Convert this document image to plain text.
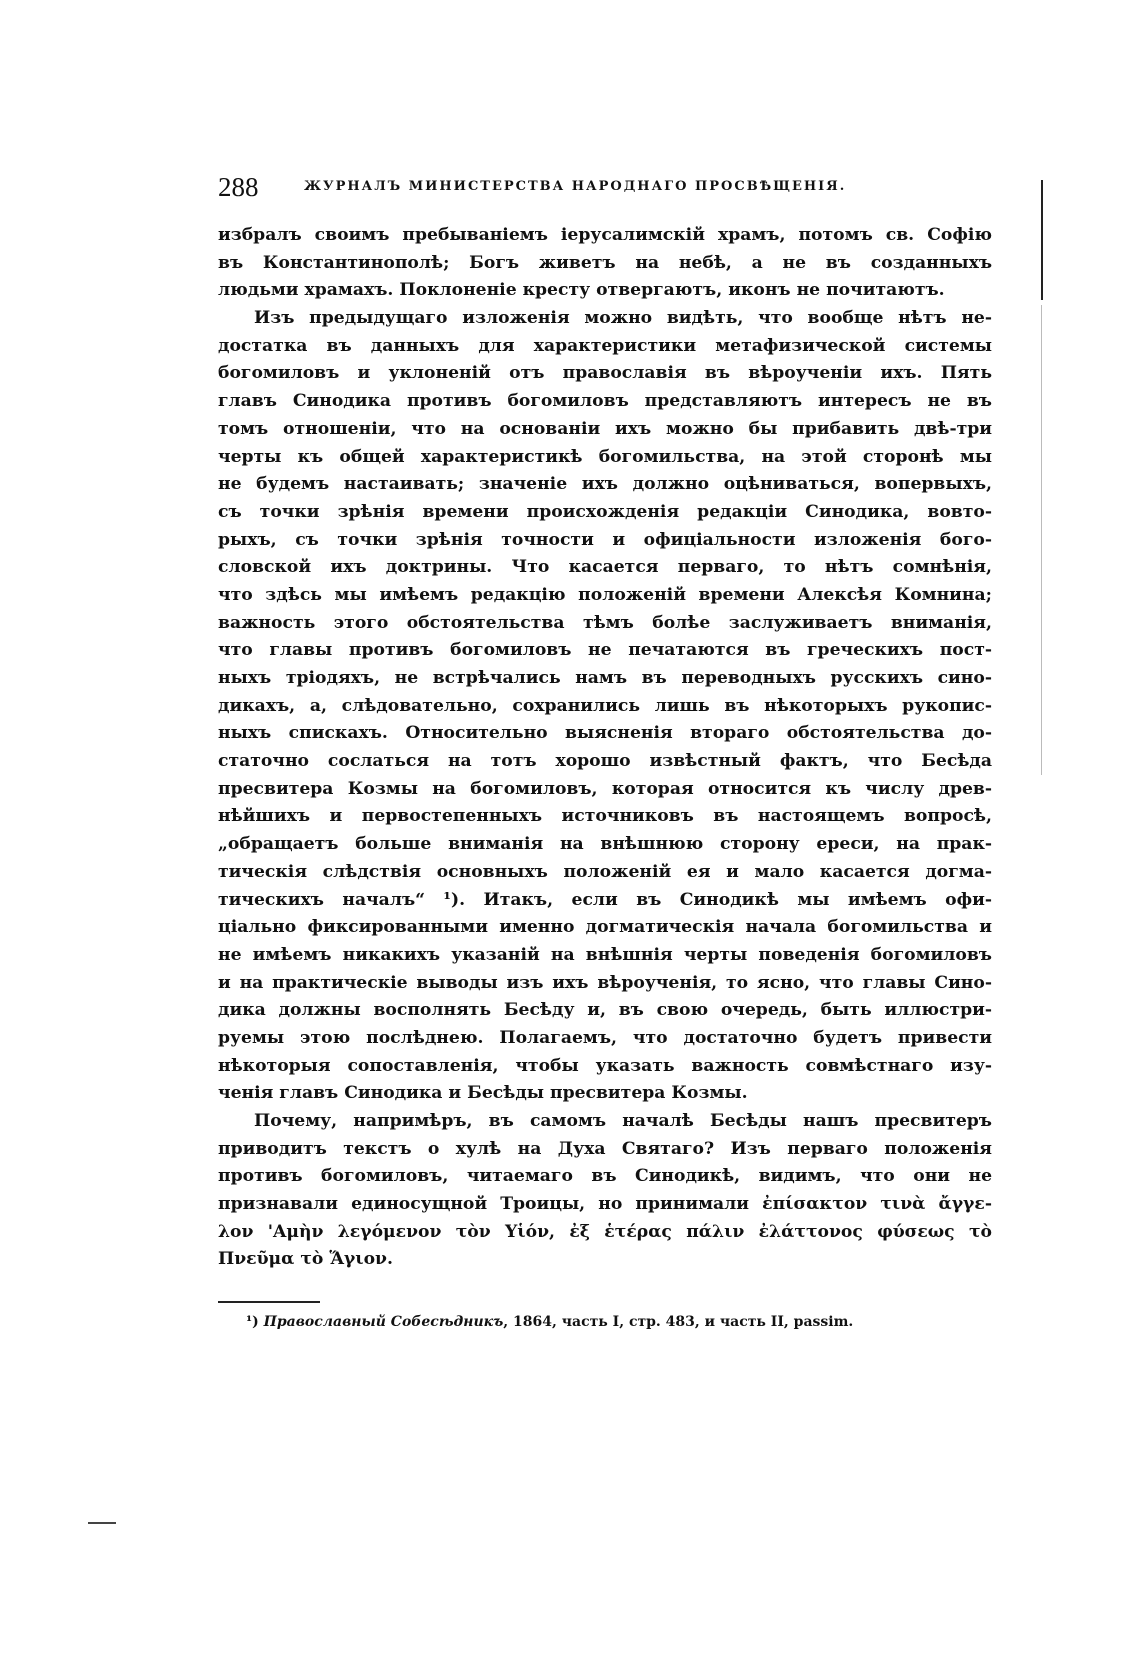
288	ЖУРНАЛЪ МИНИСТЕРСТВА НАРОДНАГО ПРОСВѢЩЕНІЯ.
избралъ своимъ пребываніемъ іерусалимскій храмъ, потомъ св. Софію
въ Константинополѣ; Богъ живетъ на небѣ, а не въ созданныхъ
людьми храмахъ. Поклоненіе кресту отвергаютъ, иконъ не почитаютъ.
Изъ предыдущаго изложенія можно видѣть, что вообще нѣтъ не-
достатка въ данныхъ для характеристики метафизической системы
богомиловъ и уклоненій отъ православія въ вѣроученіи ихъ. Пять
главъ Синодика противъ богомиловъ представляютъ интересъ не въ
томъ отношеніи, что на основаніи ихъ можно бы прибавить двѣ-три
черты къ общей характеристикѣ богомильства, на этой сторонѣ мы
не будемъ настаивать; значеніе ихъ должно оцѣниваться, вопервыхъ,
съ точки зрѣнія времени происхожденія редакціи Синодика, вовто-
рыхъ, съ точки зрѣнія точности и офиціальности изложенія бого-
словской ихъ доктрины. Что касается перваго, то нѣтъ сомнѣнія,
что здѣсь мы имѣемъ редакцію положеній времени Алексѣя Комнина;
важность этого обстоятельства тѣмъ болѣе заслуживаетъ вниманія,
что главы противъ богомиловъ не печатаются въ греческихъ пост-
ныхъ тріодяхъ, не встрѣчались намъ въ переводныхъ русскихъ сино-
дикахъ, а, слѣдовательно, сохранились лишь въ нѣкоторыхъ рукопис-
ныхъ спискахъ. Относительно выясненія втораго обстоятельства до-
статочно сослаться на тотъ хорошо извѣстный фактъ, что Бесѣда
пресвитера Козмы на богомиловъ, которая относится къ числу древ-
нѣйшихъ и первостепенныхъ источниковъ въ настоящемъ вопросѣ,
„обращаетъ больше вниманія на внѣшнюю сторону ереси, на прак-
тическія слѣдствія основныхъ положеній ея и мало касается догма-
тическихъ началъ“ ¹). Итакъ, если въ Синодикѣ мы имѣемъ офи-
ціально фиксированными именно догматическія начала богомильства и
не имѣемъ никакихъ указаній на внѣшнія черты поведенія богомиловъ
и на практическіе выводы изъ ихъ вѣроученія, то ясно, что главы Сино-
дика должны восполнять Бесѣду и, въ свою очередь, быть иллюстри-
руемы этою послѣднею. Полагаемъ, что достаточно будетъ привести
нѣкоторыя сопоставленія, чтобы указать важность совмѣстнаго изу-
ченія главъ Синодика и Бесѣды пресвитера Козмы.
Почему, напримѣръ, въ самомъ началѣ Бесѣды нашъ пресвитеръ
приводитъ текстъ о хулѣ на Духа Святаго? Изъ перваго положенія
противъ богомиловъ, читаемаго въ Синодикѣ, видимъ, что они не
признавали единосущной Троицы, но принимали ἐπίσακτον τινὰ ἄγγε-
λον 'Αμὴν λεγόμενον τὸν Υἱόν, ἐξ ἑτέρας πάλιν ἐλάττονος φύσεως τὸ
Πνεῦμα τὸ Ἅγιον.
¹) Православный Собесѣдникъ, 1864, часть I, стр. 483, и часть II, passim.
